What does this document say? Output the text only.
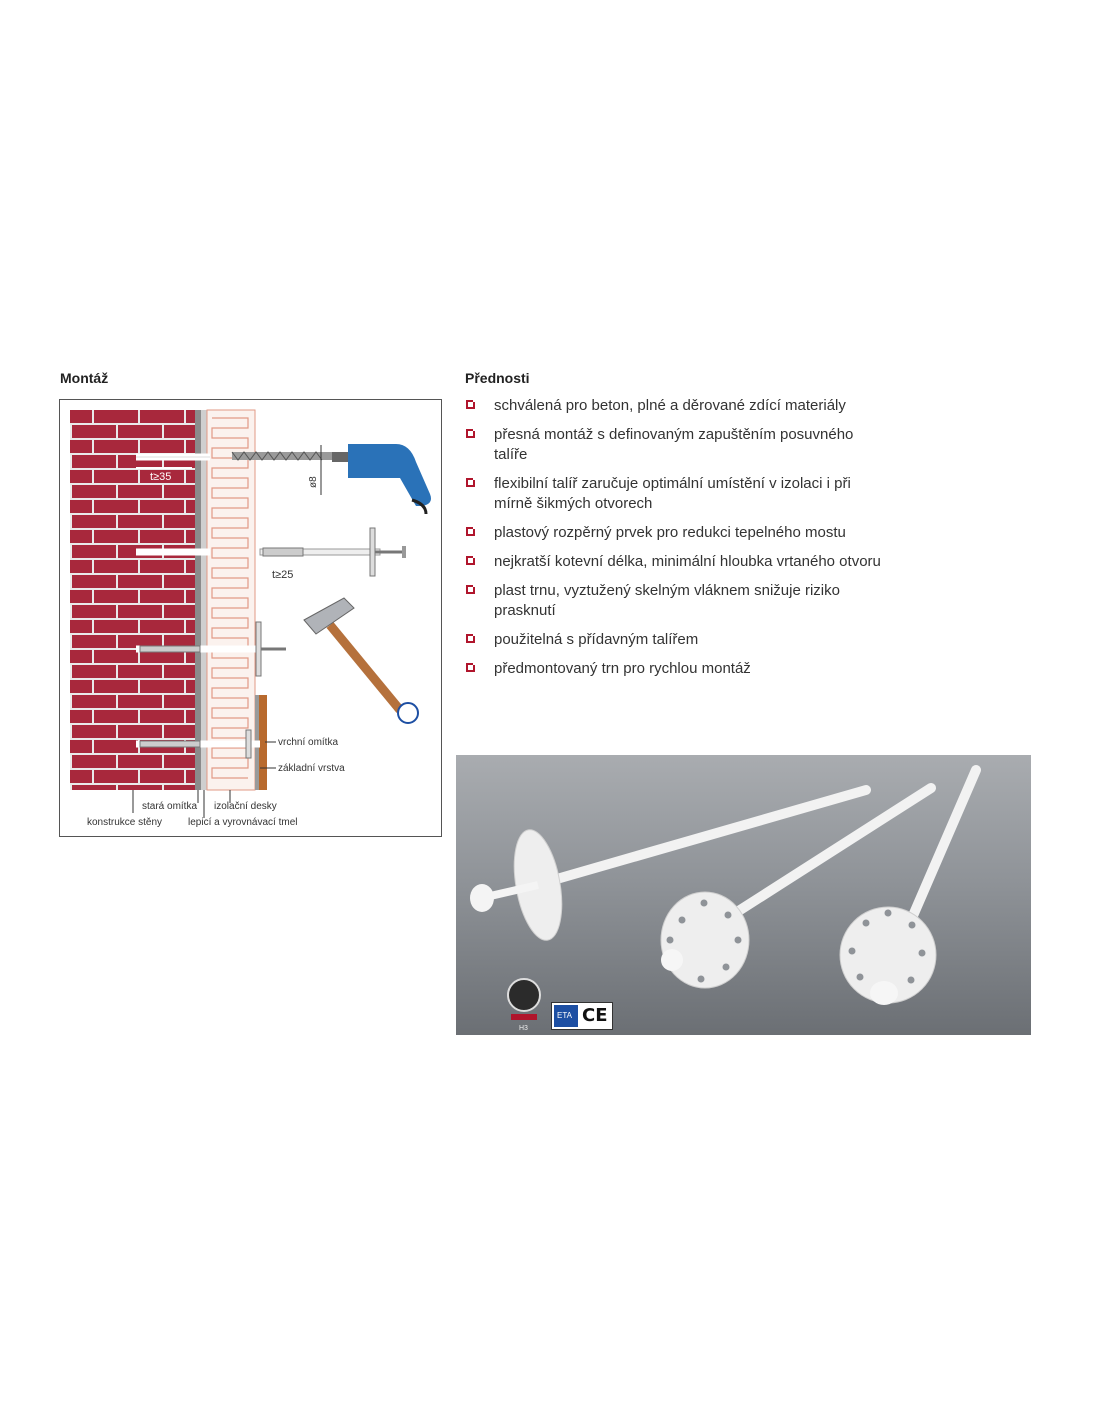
Montáž	Přednosti
ø8
t≥35
t≥25
vrchní omítka
základní vrstva
stará omítka izolační desky
konstrukce stěny	lepicí a vyrovnávací tmel
schválená pro beton, plné a děrované zdící materiály
přesná montáž s definovaným zapuštěním posuvného talíře
flexibilní talíř zaručuje optimální umístění v izolaci i při mírně šikmých otvorech
plastový rozpěrný prvek pro redukci tepelného mostu
nejkratší kotevní délka, minimální hloubka vrtaného otvoru
plast trnu, vyztužený skelným vláknem snižuje riziko prasknutí
použitelná s přídavným talířem
předmontovaný trn pro rychlou montáž
H3
ETA CE
